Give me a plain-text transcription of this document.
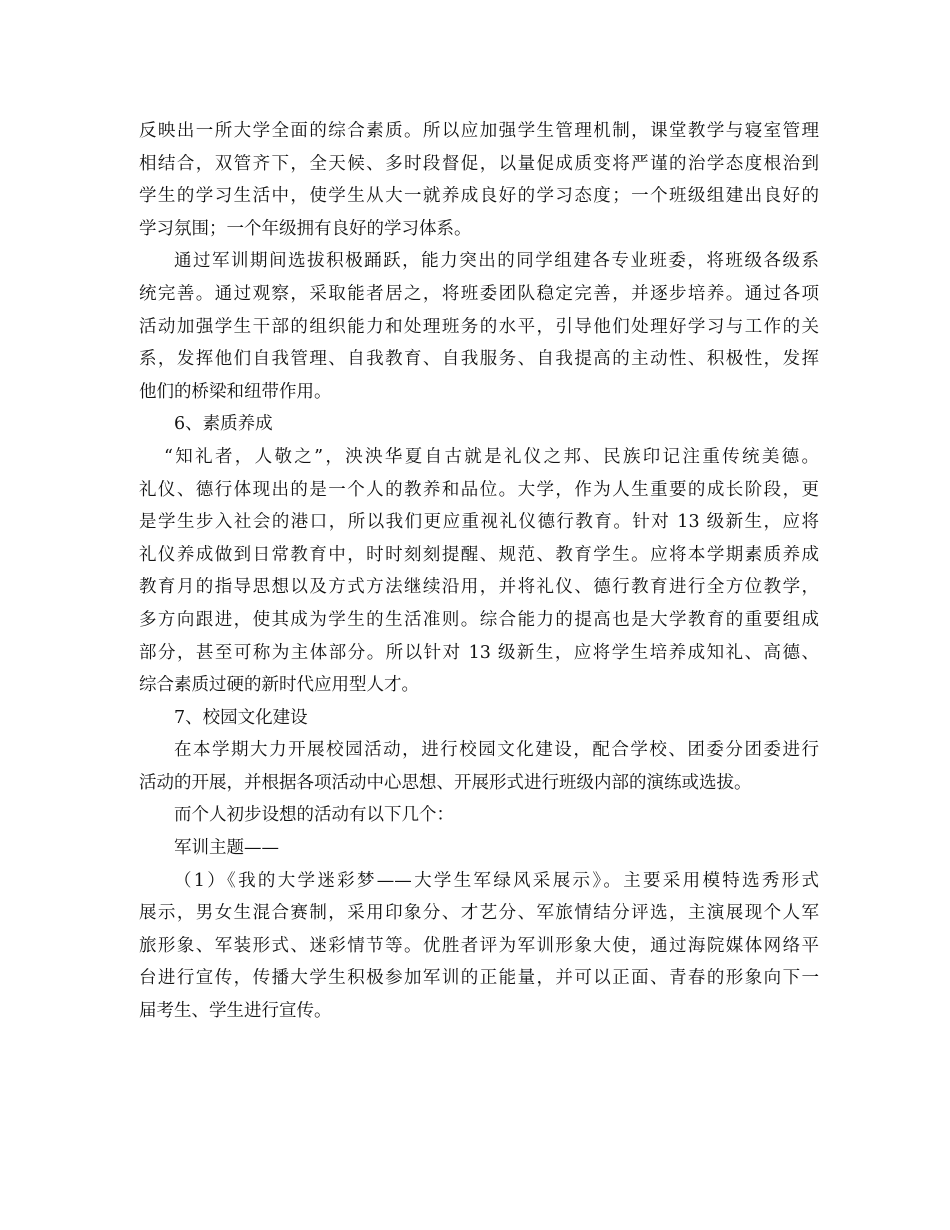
反映出一所大学全面的综合素质。所以应加强学生管理机制，课堂教学与寝室管理
相结合，双管齐下，全天候、多时段督促，以量促成质变将严谨的治学态度根治到
学生的学习生活中，使学生从大一就养成良好的学习态度；一个班级组建出良好的
学习氛围；一个年级拥有良好的学习体系。
通过军训期间选拔积极踊跃，能力突出的同学组建各专业班委，将班级各级系
统完善。通过观察，采取能者居之，将班委团队稳定完善，并逐步培养。通过各项
活动加强学生干部的组织能力和处理班务的水平，引导他们处理好学习与工作的关
系，发挥他们自我管理、自我教育、自我服务、自我提高的主动性、积极性，发挥
他们的桥梁和纽带作用。
6、素质养成
“知礼者，人敬之”，泱泱华夏自古就是礼仪之邦、民族印记注重传统美德。
礼仪、德行体现出的是一个人的教养和品位。大学，作为人生重要的成长阶段，更
是学生步入社会的港口，所以我们更应重视礼仪德行教育。针对 13 级新生，应将
礼仪养成做到日常教育中，时时刻刻提醒、规范、教育学生。应将本学期素质养成
教育月的指导思想以及方式方法继续沿用，并将礼仪、德行教育进行全方位教学，
多方向跟进，使其成为学生的生活准则。综合能力的提高也是大学教育的重要组成
部分，甚至可称为主体部分。所以针对 13 级新生，应将学生培养成知礼、高德、
综合素质过硬的新时代应用型人才。
7、校园文化建设
在本学期大力开展校园活动，进行校园文化建设，配合学校、团委分团委进行
活动的开展，并根据各项活动中心思想、开展形式进行班级内部的演练或选拔。
而个人初步设想的活动有以下几个：
军训主题——
（1）《我的大学迷彩梦——大学生军绿风采展示》。主要采用模特选秀形式
展示，男女生混合赛制，采用印象分、才艺分、军旅情结分评选，主演展现个人军
旅形象、军装形式、迷彩情节等。优胜者评为军训形象大使，通过海院媒体网络平
台进行宣传，传播大学生积极参加军训的正能量，并可以正面、青春的形象向下一
届考生、学生进行宣传。
